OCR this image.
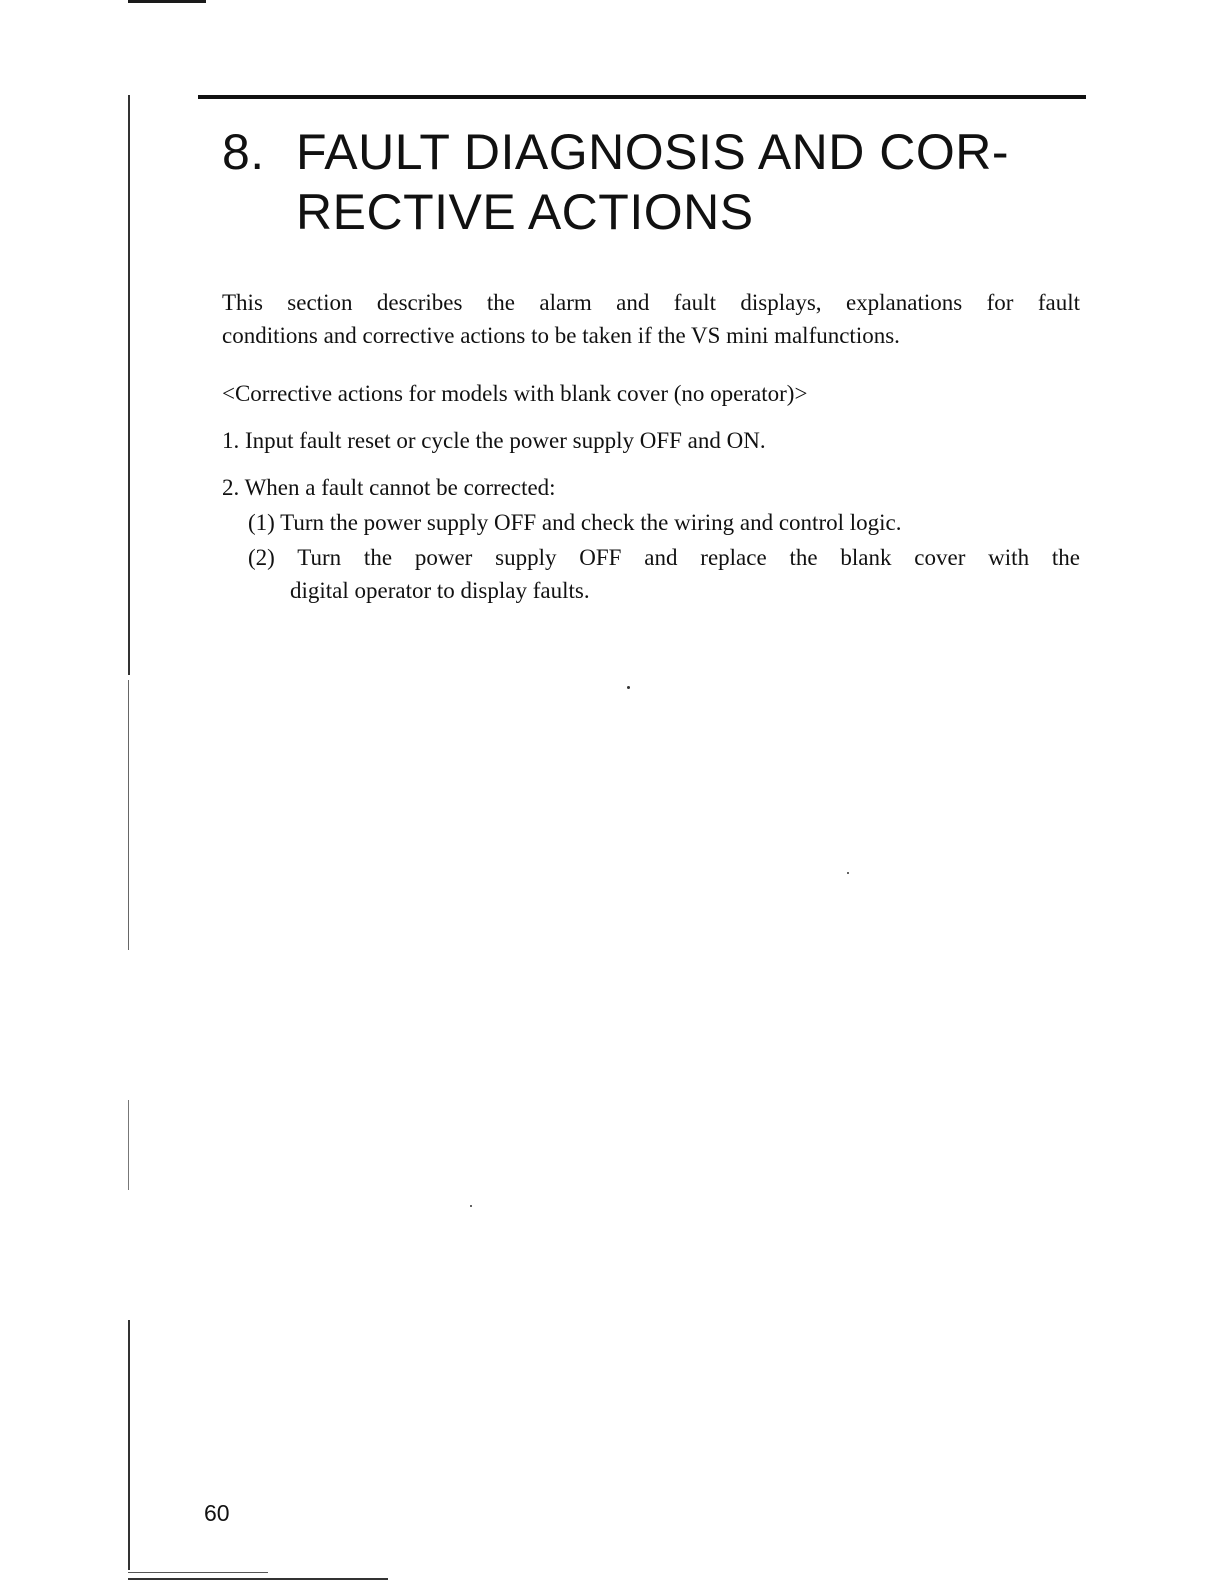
8. FAULT DIAGNOSIS AND COR-
RECTIVE ACTIONS

This section describes the alarm and fault displays, explanations for fault
conditions and corrective actions to be taken if the VS mini malfunctions.

<Corrective actions for models with blank cover (no operator)>

1. Input fault reset or cycle the power supply OFF and ON.

2. When a fault cannot be corrected:

(1) Turn the power supply OFF and check the wiring and control logic.

(2) Turn the power supply OFF and replace the blank cover with the
digital operator to display faults.

60
